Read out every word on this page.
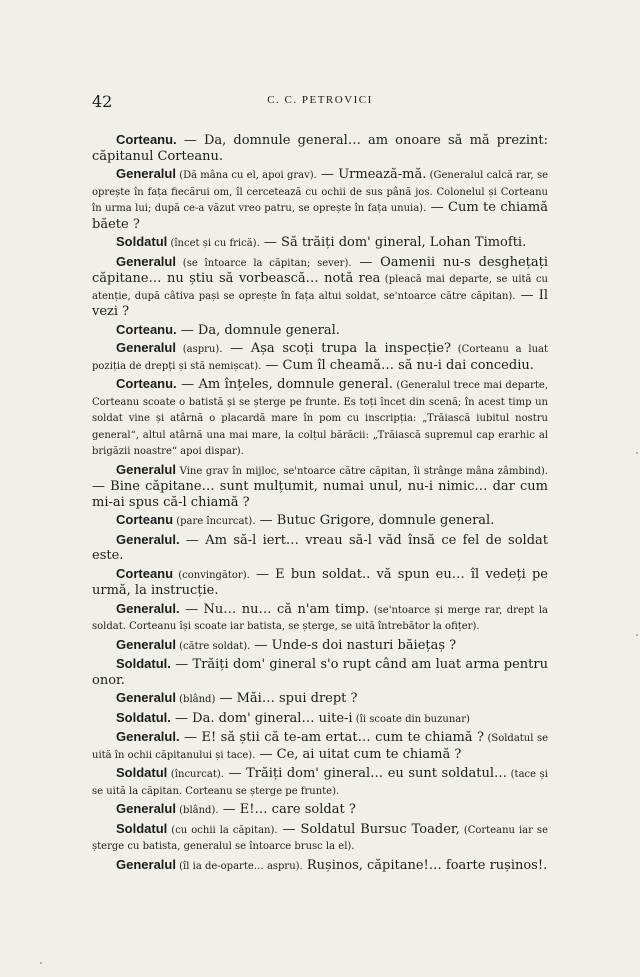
42	C. C. PETROVICI

Corteanu. — Da, domnule general… am onoare să mă prezint: căpitanul Corteanu.

Generalul (Dă mâna cu el, apoi grav). — Urmează-mă. (Generalul calcă rar, se oprește în fața fiecărui om, îl cercetează cu ochii de sus până jos. Colonelul și Corteanu în urma lui; după ce-a văzut vreo patru, se oprește în fața unuia). — Cum te chiamă băete ?

Soldatul (încet și cu frică). — Să trăiți dom' gineral, Lohan Timofti.

Generalul (se întoarce la căpitan; sever). — Oamenii nu-s desghețați căpitane… nu știu să vorbească… notă rea (pleacă mai departe, se uită cu atenție, după câtiva pași se oprește în fața altui soldat, se'ntoarce către căpitan). — Il vezi ?

Corteanu. — Da, domnule general.

Generalul (aspru). — Așa scoți trupa la inspecție? (Corteanu a luat poziția de drepți și stă nemișcat). — Cum îl cheamă… să nu-i dai concediu.

Corteanu. — Am înțeles, domnule general. (Generalul trece mai departe, Corteanu scoate o batistă și se șterge pe frunte. Es toți încet din scenă; în acest timp un soldat vine și atârnă o placardă mare în pom cu inscripția: „Trăiască iubitul nostru general“, altul atârnă una mai mare, la colțul bărăcii: „Trăiască supremul cap erarhic al brigăzii noastre“ apoi dispar).

Generalul Vine grav în mijloc, se'ntoarce către căpitan, îi strânge mâna zâmbind). — Bine căpitane… sunt mulțumit, numai unul, nu-i nimic… dar cum mi-ai spus că-l chiamă ?

Corteanu (pare încurcat). — Butuc Grigore, domnule general.

Generalul. — Am să-l iert… vreau să-l văd însă ce fel de soldat este.

Corteanu (convingător). — E bun soldat.. vă spun eu… îl vedeți pe urmă, la instrucție.

Generalul. — Nu… nu… că n'am timp. (se'ntoarce și merge rar, drept la soldat. Corteanu își scoate iar batista, se șterge, se uită întrebător la ofițer).

Generalul (către soldat). — Unde-s doi nasturi băiețaș ?

Soldatul. — Trăiți dom' gineral s'o rupt când am luat arma pentru onor.

Generalul (blând) — Măi… spui drept ?

Soldatul. — Da. dom' gineral… uite-i (îi scoate din buzunar)

Generalul. — E! să știi că te-am ertat… cum te chiamă ? (Soldatul se uită în ochii căpitanului și tace). — Ce, ai uitat cum te chiamă ?

Soldatul (încurcat). — Trăiți dom' gineral… eu sunt soldatul… (tace și se uită la căpitan. Corteanu se șterge pe frunte).

Generalul (blând). — E!… care soldat ?

Soldatul (cu ochii la căpitan). — Soldatul Bursuc Toader, (Corteanu iar se șterge cu batista, generalul se întoarce brusc la el).

Generalul (îl ia de-oparte… aspru). Rușinos, căpitane!… foarte rușinos!.
